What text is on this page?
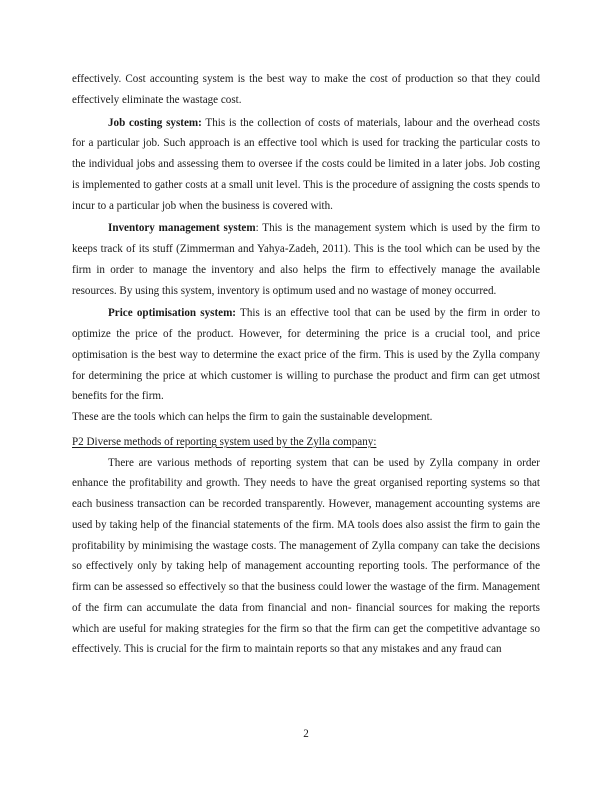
effectively. Cost accounting system is the best way to make the cost of production so that they could effectively eliminate the wastage cost.

Job costing system: This is the collection of costs of materials, labour and the overhead costs for a particular job. Such approach is an effective tool which is used for tracking the particular costs to the individual jobs and assessing them to oversee if the costs could be limited in a later jobs. Job costing is implemented to gather costs at a small unit level. This is the procedure of assigning the costs spends to incur to a particular job when the business is covered with.

Inventory management system: This is the management system which is used by the firm to keeps track of its stuff (Zimmerman and Yahya-Zadeh, 2011). This is the tool which can be used by the firm in order to manage the inventory and also helps the firm to effectively manage the available resources. By using this system, inventory is optimum used and no wastage of money occurred.

Price optimisation system: This is an effective tool that can be used by the firm in order to optimize the price of the product. However, for determining the price is a crucial tool, and price optimisation is the best way to determine the exact price of the firm. This is used by the Zylla company for determining the price at which customer is willing to purchase the product and firm can get utmost benefits for the firm.

These are the tools which can helps the firm to gain the sustainable development.

P2 Diverse methods of reporting system used by the Zylla company:

There are various methods of reporting system that can be used by Zylla company in order enhance the profitability and growth. They needs to have the great organised reporting systems so that each business transaction can be recorded transparently. However, management accounting systems are used by taking help of the financial statements of the firm. MA tools does also assist the firm to gain the profitability by minimising the wastage costs. The management of Zylla company can take the decisions so effectively only by taking help of management accounting reporting tools. The performance of the firm can be assessed so effectively so that the business could lower the wastage of the firm. Management of the firm can accumulate the data from financial and non- financial sources for making the reports which are useful for making strategies for the firm so that the firm can get the competitive advantage so effectively. This is crucial for the firm to maintain reports so that any mistakes and any fraud can

2
